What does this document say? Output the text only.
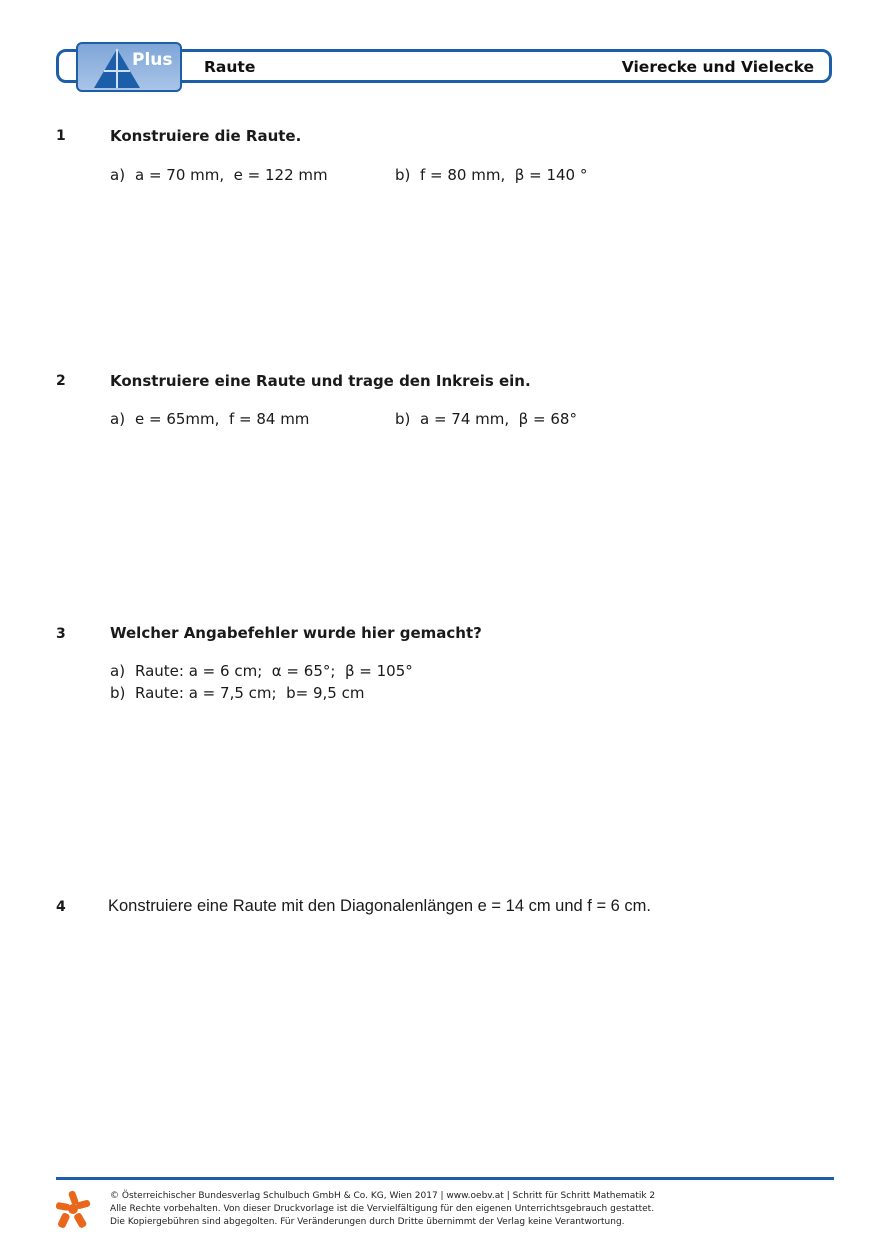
Plus Raute	Vierecke und Vielecke
1	Konstruiere die Raute.
a) a = 70 mm,  e = 122 mm	b) f = 80 mm,  β = 140 °
2	Konstruiere eine Raute und trage den Inkreis ein.
a) e = 65mm,  f = 84 mm	b) a = 74 mm,  β = 68°
3	Welcher Angabefehler wurde hier gemacht?
a) Raute: a = 6 cm;  α = 65°;  β = 105°
b) Raute: a = 7,5 cm;  b= 9,5 cm
4	Konstruiere eine Raute mit den Diagonalenlängen e = 14 cm und f = 6 cm.
© Österreichischer Bundesverlag Schulbuch GmbH & Co. KG, Wien 2017 | www.oebv.at | Schritt für Schritt Mathematik 2
Alle Rechte vorbehalten. Von dieser Druckvorlage ist die Vervielfältigung für den eigenen Unterrichtsgebrauch gestattet.
Die Kopiergebühren sind abgegolten. Für Veränderungen durch Dritte übernimmt der Verlag keine Verantwortung.
